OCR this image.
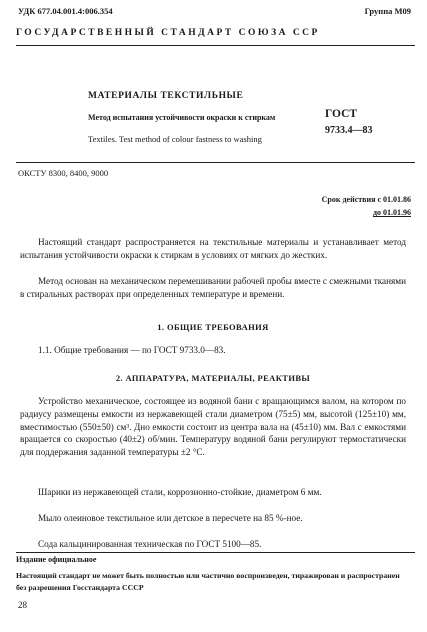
УДК 677.04.001.4:006.354	Группа М09
ГОСУДАРСТВЕННЫЙ СТАНДАРТ СОЮЗА ССР
МАТЕРИАЛЫ ТЕКСТИЛЬНЫЕ
Метод испытания устойчивости окраски к стиркам
Textiles. Test method of colour fastness to washing
ГОСТ
9733.4—83
ОКСТУ 8300, 8400, 9000
Срок действия с 01.01.86
до 01.01.96
Настоящий стандарт распространяется на текстильные материалы и устанавливает метод испытания устойчивости окраски к стиркам в условиях от мягких до жестких.
Метод основан на механическом перемешивании рабочей пробы вместе с смежными тканями в стиральных растворах при определенных температуре и времени.
1. ОБЩИЕ ТРЕБОВАНИЯ
1.1. Общие требования — по ГОСТ 9733.0—83.
2. АППАРАТУРА, МАТЕРИАЛЫ, РЕАКТИВЫ
Устройство механическое, состоящее из водяной бани с вращающимся валом, на котором по радиусу размещены емкости из нержавеющей стали диаметром (75±5) мм, высотой (125±10) мм, вместимостью (550±50) см³. Дно емкости состоит из центра вала на (45±10) мм. Вал с емкостями вращается со скоростью (40±2) об/мин. Температуру водяной бани регулируют термостатически для поддержания заданной температуры ±2 °С.
Шарики из нержавеющей стали, коррозионно-стойкие, диаметром 6 мм.
Мыло олеиновое текстильное или детское в пересчете на 85 %-ное.
Сода кальцинированная техническая по ГОСТ 5100—85.
Издание официальное
Настоящий стандарт не может быть полностью или частично воспроизведен, тиражирован и распространен без разрешения Госстандарта СССР
28
